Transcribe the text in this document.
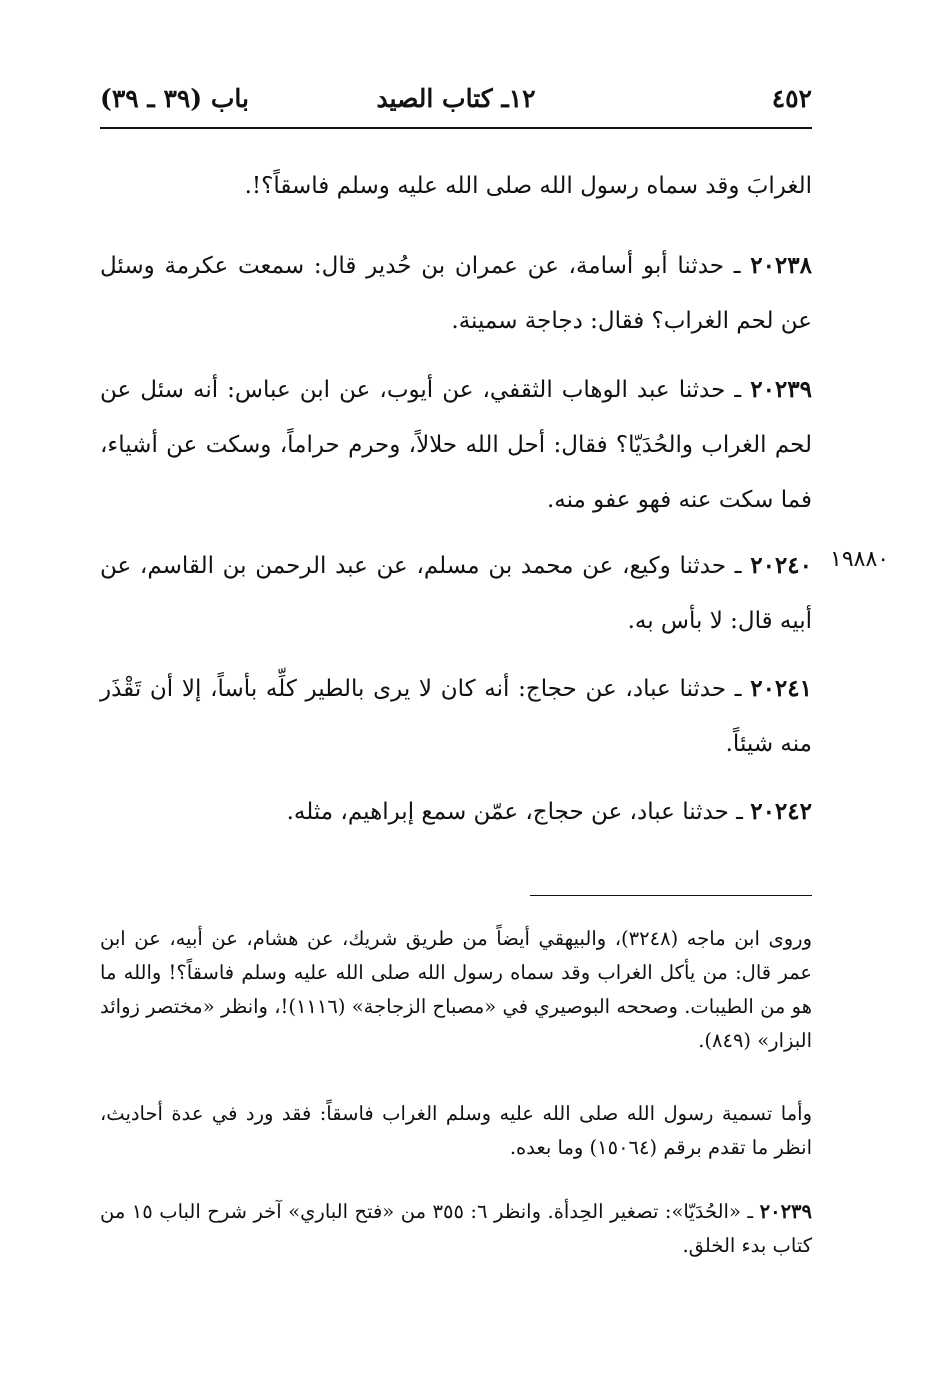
٤٥٢
١٢ـ كتاب الصيد
باب (٣٩ ـ ٣٩)
الغرابَ وقد سماه رسول الله صلى الله عليه وسلم فاسقاً؟!.
٢٠٢٣٨ ـ حدثنا أبو أسامة، عن عمران بن حُدير قال: سمعت عكرمة وسئل عن لحم الغراب؟ فقال: دجاجة سمينة.
٢٠٢٣٩ ـ حدثنا عبد الوهاب الثقفي، عن أيوب، عن ابن عباس: أنه سئل عن لحم الغراب والحُدَيّا؟ فقال: أحل الله حلالاً، وحرم حراماً، وسكت عن أشياء، فما سكت عنه فهو عفو منه.
٢٠٢٤٠ ـ حدثنا وكيع، عن محمد بن مسلم، عن عبد الرحمن بن القاسم، عن أبيه قال: لا بأس به.
١٩٨٨٠
٢٠٢٤١ ـ حدثنا عباد، عن حجاج: أنه كان لا يرى بالطير كلِّه بأساً، إلا أن تَقْذَر منه شيئاً.
٢٠٢٤٢ ـ حدثنا عباد، عن حجاج، عمّن سمع إبراهيم، مثله.
وروى ابن ماجه (٣٢٤٨)، والبيهقي أيضاً من طريق شريك، عن هشام، عن أبيه، عن ابن عمر قال: من يأكل الغراب وقد سماه رسول الله صلى الله عليه وسلم فاسقاً؟! والله ما هو من الطيبات. وصححه البوصيري في «مصباح الزجاجة» (١١١٦)!، وانظر «مختصر زوائد البزار» (٨٤٩).
وأما تسمية رسول الله صلى الله عليه وسلم الغراب فاسقاً: فقد ورد في عدة أحاديث، انظر ما تقدم برقم (١٥٠٦٤) وما بعده.
٢٠٢٣٩ ـ «الحُدَيّا»: تصغير الحِدأة. وانظر ٦: ٣٥٥ من «فتح الباري» آخر شرح الباب ١٥ من كتاب بدء الخلق.
